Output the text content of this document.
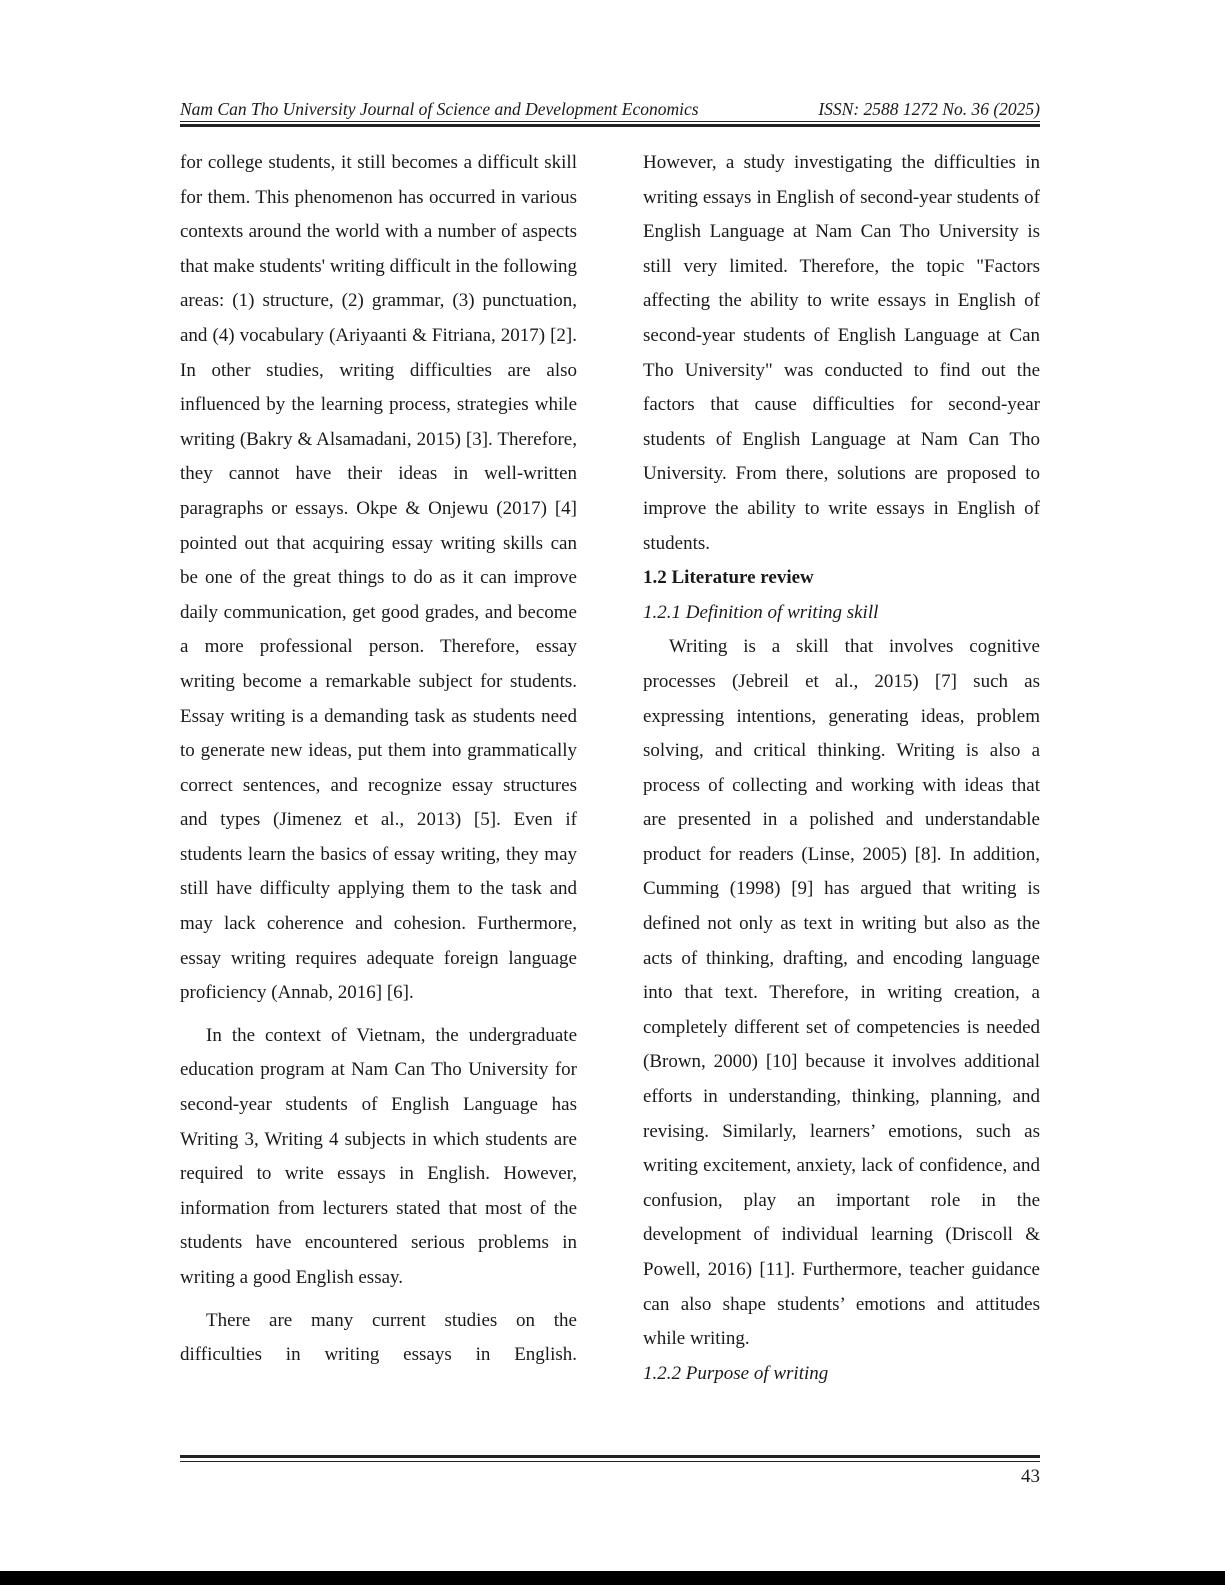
Nam Can Tho University Journal of Science and Development Economics	ISSN: 2588 1272 No. 36 (2025)

for college students, it still becomes a difficult skill for them. This phenomenon has occurred in various contexts around the world with a number of aspects that make students' writing difficult in the following areas: (1) structure, (2) grammar, (3) punctuation, and (4) vocabulary (Ariyaanti & Fitriana, 2017) [2]. In other studies, writing difficulties are also influenced by the learning process, strategies while writing (Bakry & Alsamadani, 2015) [3]. Therefore, they cannot have their ideas in well-written paragraphs or essays. Okpe & Onjewu (2017) [4] pointed out that acquiring essay writing skills can be one of the great things to do as it can improve daily communication, get good grades, and become a more professional person. Therefore, essay writing become a remarkable subject for students. Essay writing is a demanding task as students need to generate new ideas, put them into grammatically correct sentences, and recognize essay structures and types (Jimenez et al., 2013) [5]. Even if students learn the basics of essay writing, they may still have difficulty applying them to the task and may lack coherence and cohesion. Furthermore, essay writing requires adequate foreign language proficiency (Annab, 2016] [6].

In the context of Vietnam, the undergraduate education program at Nam Can Tho University for second-year students of English Language has Writing 3, Writing 4 subjects in which students are required to write essays in English. However, information from lecturers stated that most of the students have encountered serious problems in writing a good English essay.

There are many current studies on the difficulties in writing essays in English.

However, a study investigating the difficulties in writing essays in English of second-year students of English Language at Nam Can Tho University is still very limited. Therefore, the topic "Factors affecting the ability to write essays in English of second-year students of English Language at Can Tho University" was conducted to find out the factors that cause difficulties for second-year students of English Language at Nam Can Tho University. From there, solutions are proposed to improve the ability to write essays in English of students.

1.2 Literature review

1.2.1 Definition of writing skill

Writing is a skill that involves cognitive processes (Jebreil et al., 2015) [7] such as expressing intentions, generating ideas, problem solving, and critical thinking. Writing is also a process of collecting and working with ideas that are presented in a polished and understandable product for readers (Linse, 2005) [8]. In addition, Cumming (1998) [9] has argued that writing is defined not only as text in writing but also as the acts of thinking, drafting, and encoding language into that text. Therefore, in writing creation, a completely different set of competencies is needed (Brown, 2000) [10] because it involves additional efforts in understanding, thinking, planning, and revising. Similarly, learners’ emotions, such as writing excitement, anxiety, lack of confidence, and confusion, play an important role in the development of individual learning (Driscoll & Powell, 2016) [11]. Furthermore, teacher guidance can also shape students’ emotions and attitudes while writing.

1.2.2 Purpose of writing

43
